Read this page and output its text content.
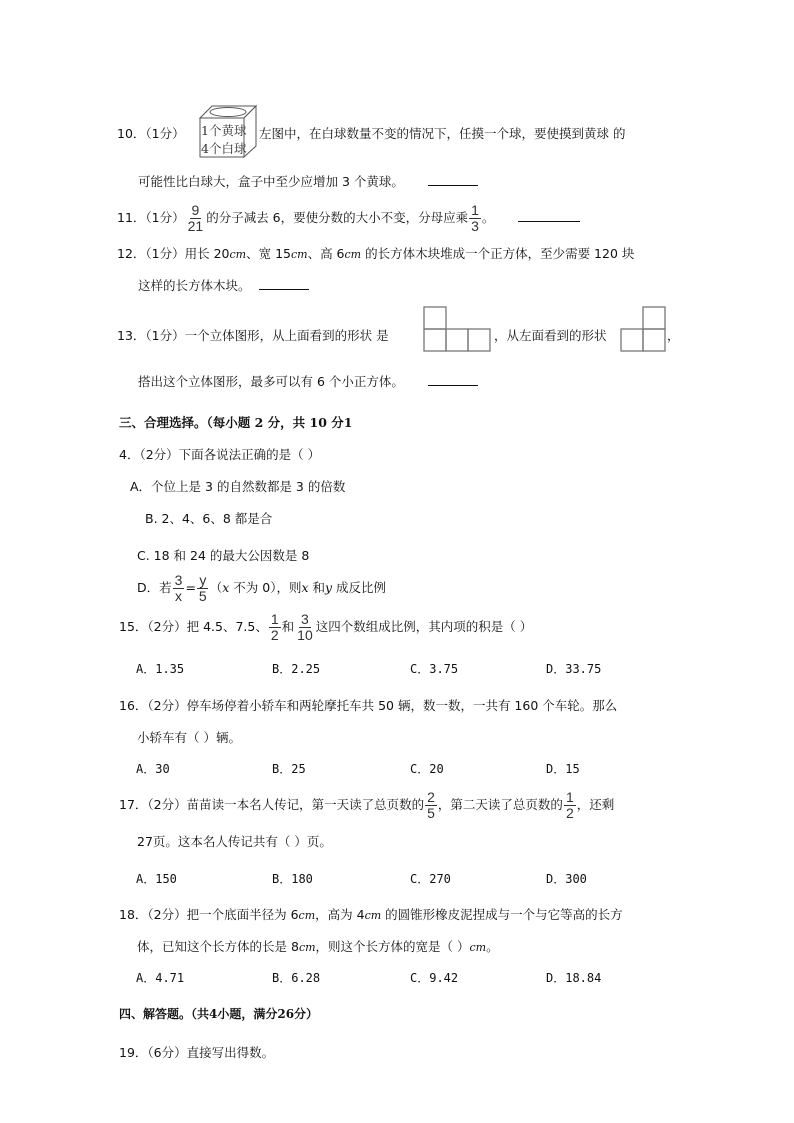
10．（1分） 1个黄球
4个白球
左图中，在白球数量不变的情况下，任摸一个球，要使摸到黄球 的
可能性比白球大，盒子中至少应增加 3 个黄球。
11．（1分） $\frac{9}{21}$ 的分子减去 6，要使分数的大小不变，分母应乘 $\frac{1}{3}$ 。
12．（1分）用长 20cm、宽 15cm、高 6cm 的长方体木块堆成一个正方体，至少需要 120 块
这样的长方体木块。
13．（1分）一个立体图形，从上面看到的形状 是	，从左面看到的形状	，
搭出这个立体图形，最多可以有 6 个小正方体。
三、合理选择。（每小题 2 分，共 10 分1
4．（2分）下面各说法正确的是（ ）
A．个位上是 3 的自然数都是 3 的倍数
B. 2、4、6、8 都是合
C. 18 和 24 的最大公因数是 8
D．若 $\frac{3}{x} = \frac{y}{5} (x$ 不为 0），则x 和y 成反比例
15．（2分）把 4.5、7.5、 $\frac{1}{2}$ 和 $\frac{3}{10}$ 这四个数组成比例，其内项的积是（ ）
A．1.35	B．2.25	C．3.75	D．33.75
16．（2分）停车场停着小轿车和两轮摩托车共 50 辆，数一数，一共有 160 个车轮。那么
小轿车有（ ）辆。
A．30	B．25	C．20	D．15
17．（2分）苗苗读一本名人传记，第一天读了总页数的 $\frac{2}{5}$ ，第二天读了总页数的 $\frac{1}{2}$ ，还剩
27页。这本名人传记共有（ ）页。
A．150	B．180	C．270	D．300
18．（2分）把一个底面半径为 6cm，高为 4cm 的圆锥形橡皮泥捏成与一个与它等高的长方
体，已知这个长方体的长是 8cm，则这个长方体的宽是（ ）cm。
A．4.71	B．6.28	C．9.42	D．18.84
四、解答题。（共4小题，满分26分）
19．（6分）直接写出得数。
